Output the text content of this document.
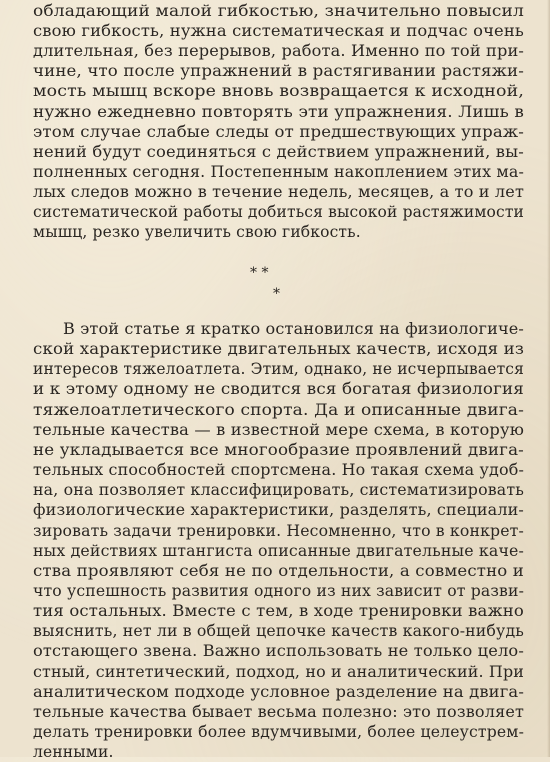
обладающий малой гибкостью, значительно повысил
свою гибкость, нужна систематическая и подчас очень
длительная, без перерывов, работа. Именно по той при-
чине, что после упражнений в растягивании растяжи-
мость мышц вскоре вновь возвращается к исходной,
нужно ежедневно повторять эти упражнения. Лишь в
этом случае слабые следы от предшествующих упраж-
нений будут соединяться с действием упражнений, вы-
полненных сегодня. Постепенным накоплением этих ма-
лых следов можно в течение недель, месяцев, а то и лет
систематической работы добиться высокой растяжимости
мышц, резко увеличить свою гибкость.
* *
*
В этой статье я кратко остановился на физиологиче-
ской характеристике двигательных качеств, исходя из
интересов тяжелоатлета. Этим, однако, не исчерпывается
и к этому одному не сводится вся богатая физиология
тяжелоатлетического спорта. Да и описанные двига-
тельные качества — в известной мере схема, в которую
не укладывается все многообразие проявлений двига-
тельных способностей спортсмена. Но такая схема удоб-
на, она позволяет классифицировать, систематизировать
физиологические характеристики, разделять, специали-
зировать задачи тренировки. Несомненно, что в конкрет-
ных действиях штангиста описанные двигательные каче-
ства проявляют себя не по отдельности, а совместно и
что успешность развития одного из них зависит от разви-
тия остальных. Вместе с тем, в ходе тренировки важно
выяснить, нет ли в общей цепочке качеств какого-нибудь
отстающего звена. Важно использовать не только цело-
стный, синтетический, подход, но и аналитический. При
аналитическом подходе условное разделение на двига-
тельные качества бывает весьма полезно: это позволяет
делать тренировки более вдумчивыми, более целеустрем-
ленными.
